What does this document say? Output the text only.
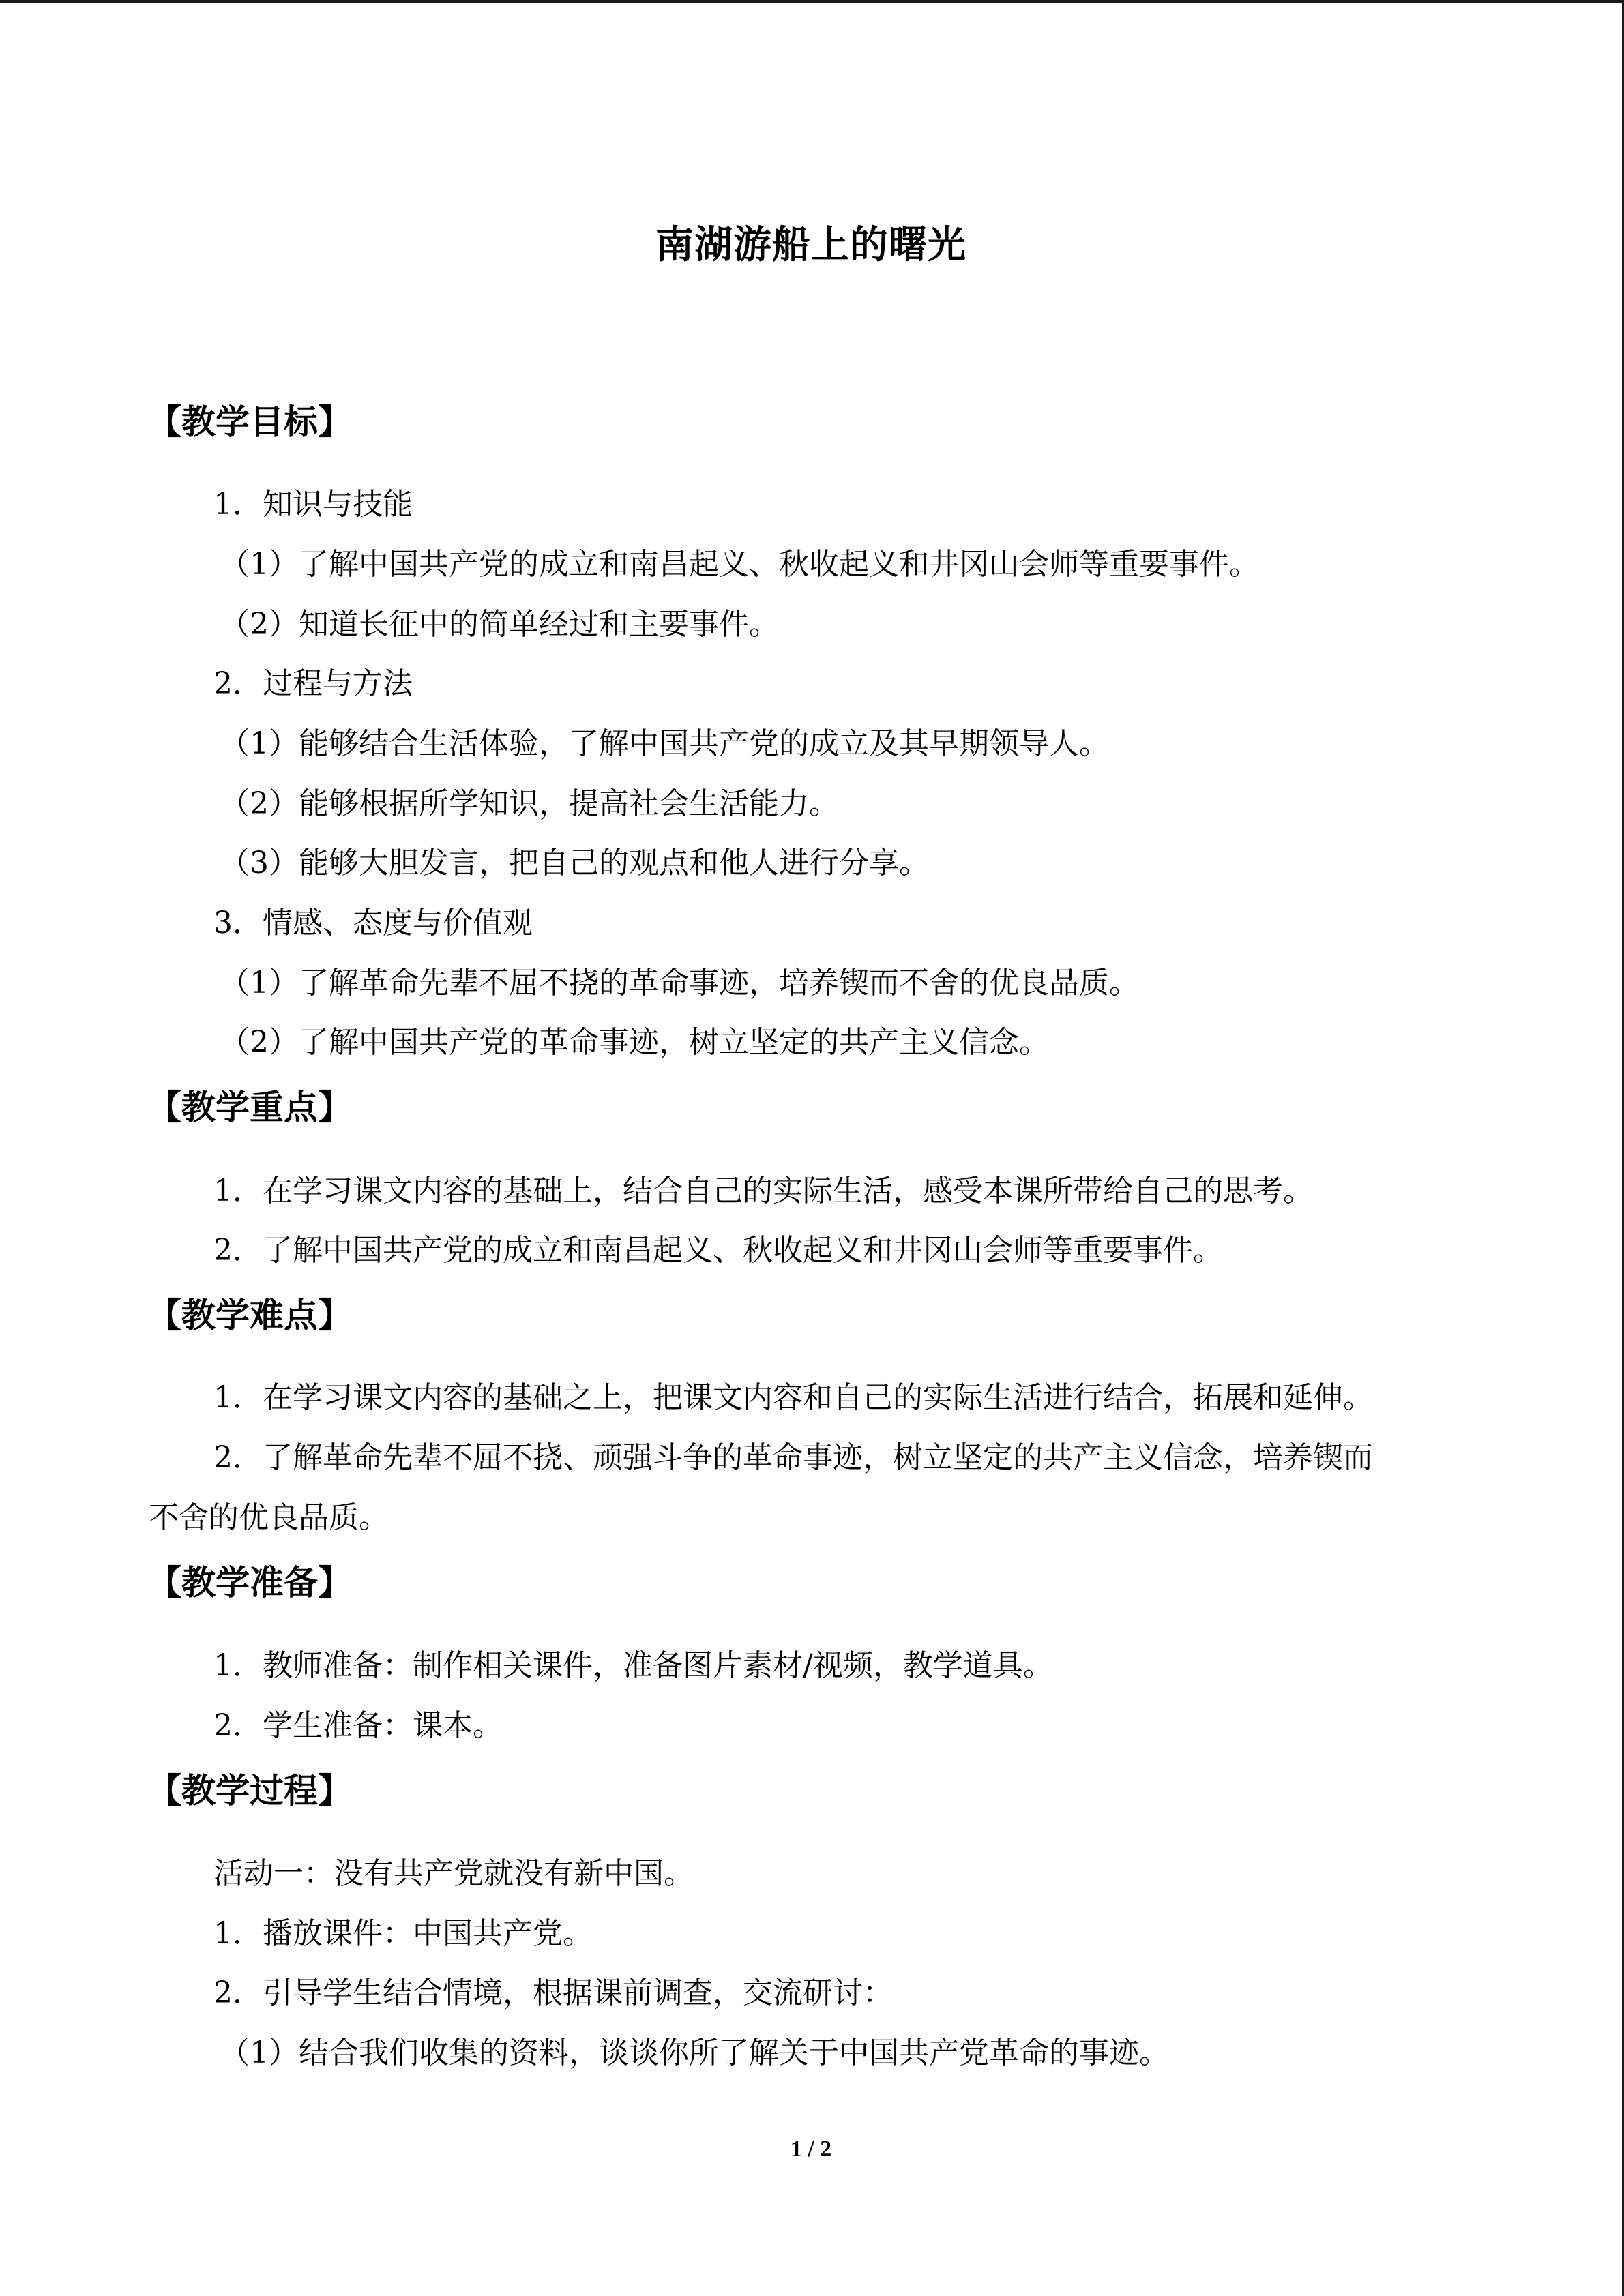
南湖游船上的曙光
【教学目标】
1．知识与技能
（1）了解中国共产党的成立和南昌起义、秋收起义和井冈山会师等重要事件。
（2）知道长征中的简单经过和主要事件。
2．过程与方法
（1）能够结合生活体验，了解中国共产党的成立及其早期领导人。
（2）能够根据所学知识，提高社会生活能力。
（3）能够大胆发言，把自己的观点和他人进行分享。
3．情感、态度与价值观
（1）了解革命先辈不屈不挠的革命事迹，培养锲而不舍的优良品质。
（2）了解中国共产党的革命事迹，树立坚定的共产主义信念。
【教学重点】
1．在学习课文内容的基础上，结合自己的实际生活，感受本课所带给自己的思考。
2．了解中国共产党的成立和南昌起义、秋收起义和井冈山会师等重要事件。
【教学难点】
1．在学习课文内容的基础之上，把课文内容和自己的实际生活进行结合，拓展和延伸。
2．了解革命先辈不屈不挠、顽强斗争的革命事迹，树立坚定的共产主义信念，培养锲而
不舍的优良品质。
【教学准备】
1．教师准备：制作相关课件，准备图片素材/视频，教学道具。
2．学生准备：课本。
【教学过程】
活动一：没有共产党就没有新中国。
1．播放课件：中国共产党。
2．引导学生结合情境，根据课前调查，交流研讨：
（1）结合我们收集的资料，谈谈你所了解关于中国共产党革命的事迹。
1 / 2
